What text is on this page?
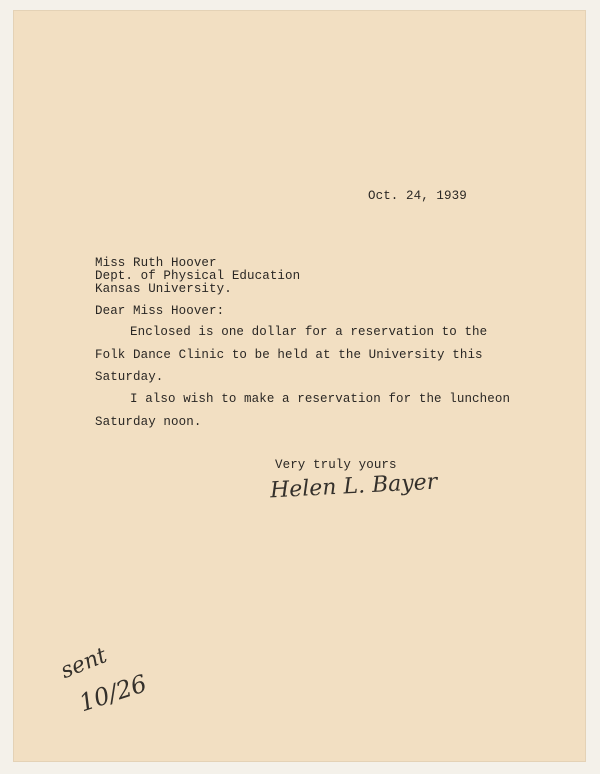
Oct. 24, 1939
Miss Ruth Hoover
Dept. of Physical Education
Kansas University.
Dear Miss Hoover:
Enclosed is one dollar for a reservation to the
Folk Dance Clinic to be held at the University this
Saturday.
I also wish to make a reservation for the luncheon
Saturday noon.
Very truly yours
Helen L. Bayer
sent
10/26
